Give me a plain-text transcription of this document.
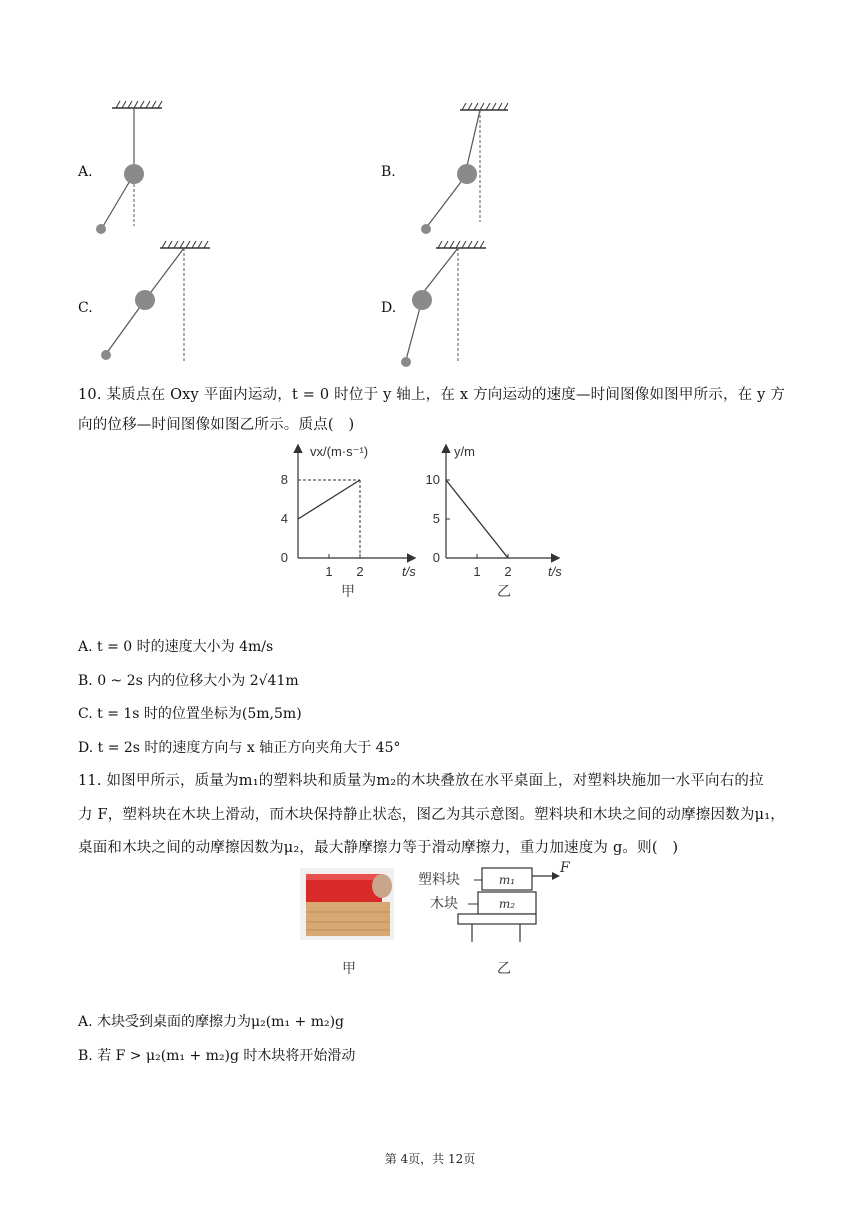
A.	B.
C.	D.
10. 某质点在 Oxy 平面内运动，t = 0 时位于 y 轴上，在 x 方向运动的速度—时间图像如图甲所示，在 y 方
向的位移—时间图像如图乙所示。质点(　)
0
4
8
1 2	t/s
vx/(m·s⁻¹)
甲
0
5
10
1 2	t/s
y/m
乙
A. t = 0 时的速度大小为 4m/s
B. 0 ~ 2s 内的位移大小为 2√41m
C. t = 1s 时的位置坐标为(5m,5m)
D. t = 2s 时的速度方向与 x 轴正方向夹角大于 45°
11. 如图甲所示，质量为m₁的塑料块和质量为m₂的木块叠放在水平桌面上，对塑料块施加一水平向右的拉
力 F，塑料块在木块上滑动，而木块保持静止状态，图乙为其示意图。塑料块和木块之间的动摩擦因数为μ₁，
桌面和木块之间的动摩擦因数为μ₂，最大静摩擦力等于滑动摩擦力，重力加速度为 g。则(　)
甲
塑料块
木块
m₁
m₂
F
乙
A. 木块受到桌面的摩擦力为μ₂(m₁ + m₂)g
B. 若 F > μ₂(m₁ + m₂)g 时木块将开始滑动
第 4页，共 12页
